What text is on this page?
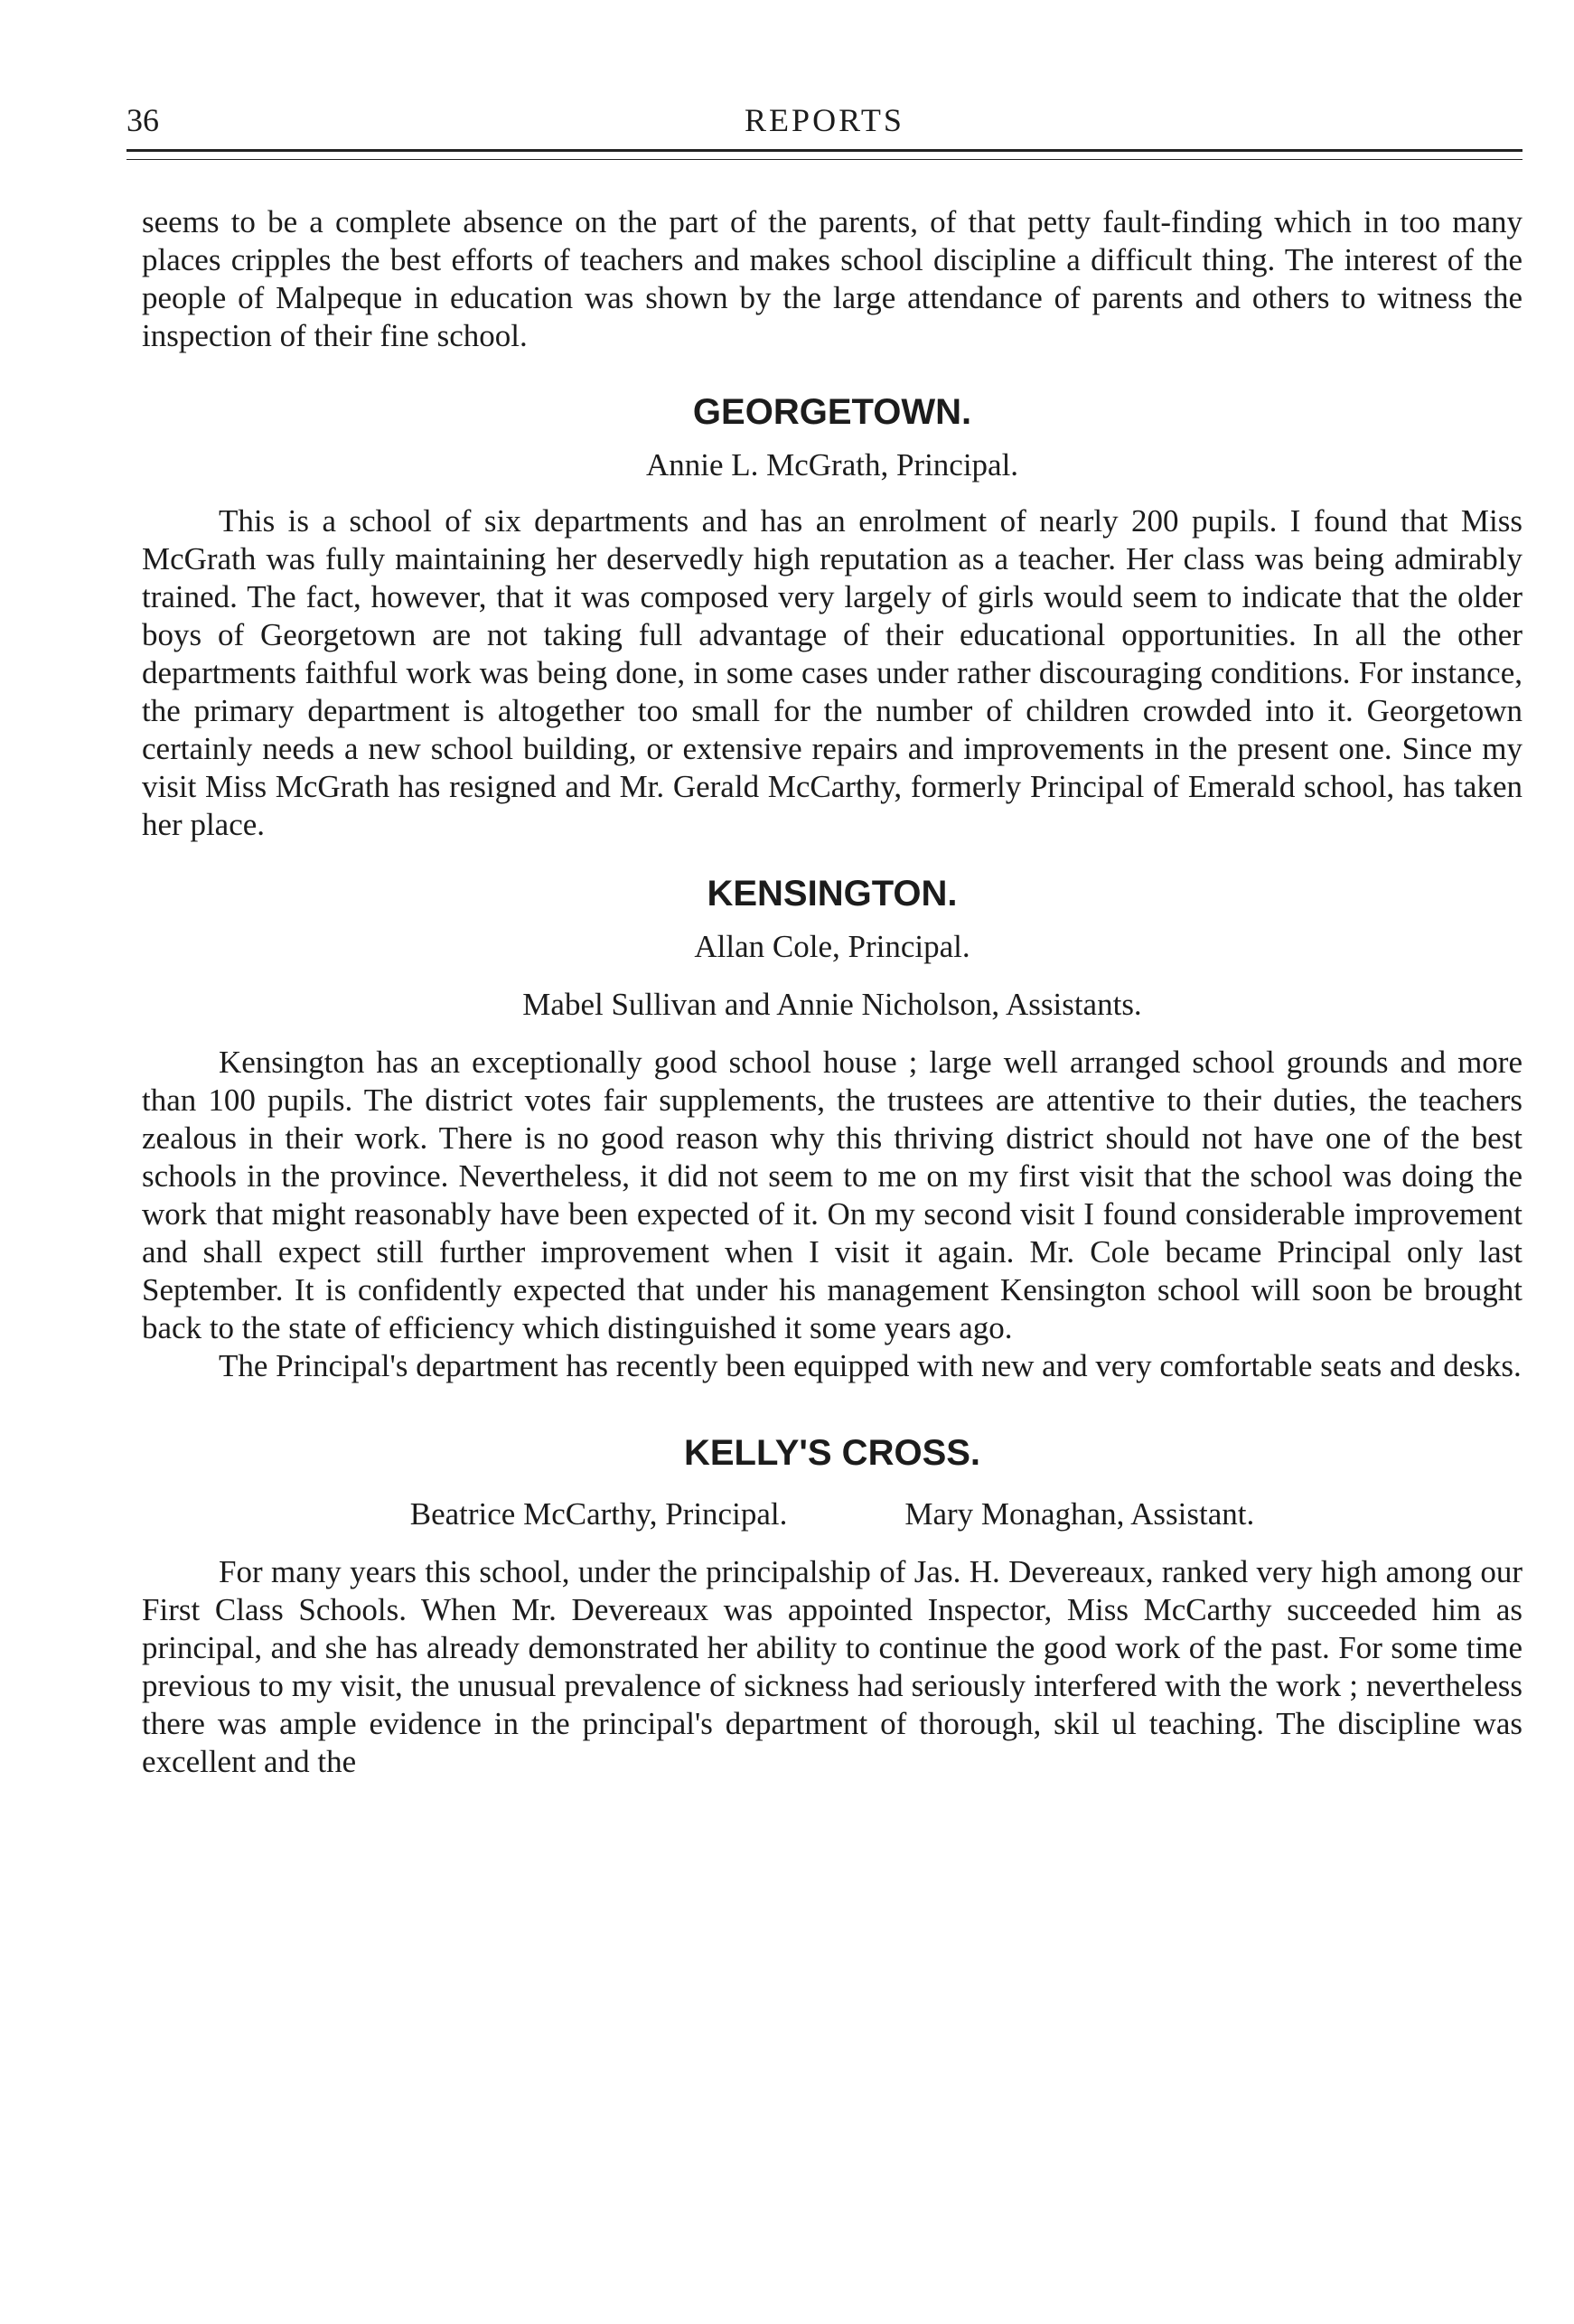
36	REPORTS

seems to be a complete absence on the part of the parents, of that petty fault-finding which in too many places cripples the best efforts of teachers and makes school discipline a difficult thing. The interest of the people of Malpeque in education was shown by the large attendance of parents and others to witness the inspection of their fine school.

GEORGETOWN.

Annie L. McGrath, Principal.

This is a school of six departments and has an enrolment of nearly 200 pupils. I found that Miss McGrath was fully maintaining her deservedly high reputation as a teacher. Her class was being admirably trained. The fact, however, that it was composed very largely of girls would seem to indicate that the older boys of Georgetown are not taking full advantage of their educational opportunities. In all the other departments faithful work was being done, in some cases under rather discouraging conditions. For instance, the primary department is altogether too small for the number of children crowded into it. Georgetown certainly needs a new school building, or extensive repairs and improvements in the present one. Since my visit Miss McGrath has resigned and Mr. Gerald McCarthy, formerly Principal of Emerald school, has taken her place.

KENSINGTON.

Allan Cole, Principal.

Mabel Sullivan and Annie Nicholson, Assistants.

Kensington has an exceptionally good school house ; large well arranged school grounds and more than 100 pupils. The district votes fair supplements, the trustees are attentive to their duties, the teachers zealous in their work. There is no good reason why this thriving district should not have one of the best schools in the province. Nevertheless, it did not seem to me on my first visit that the school was doing the work that might reasonably have been expected of it. On my second visit I found considerable improvement and shall expect still further improvement when I visit it again. Mr. Cole became Principal only last September. It is confidently expected that under his management Kensington school will soon be brought back to the state of efficiency which distinguished it some years ago.

The Principal's department has recently been equipped with new and very comfortable seats and desks.

KELLY'S CROSS.
Beatrice McCarthy, Principal.	Mary Monaghan, Assistant.

For many years this school, under the principalship of Jas. H. Devereaux, ranked very high among our First Class Schools. When Mr. Devereaux was appointed Inspector, Miss McCarthy succeeded him as principal, and she has already demonstrated her ability to continue the good work of the past. For some time previous to my visit, the unusual prevalence of sickness had seriously interfered with the work ; nevertheless there was ample evidence in the principal's department of thorough, skil ul teaching. The discipline was excellent and the
